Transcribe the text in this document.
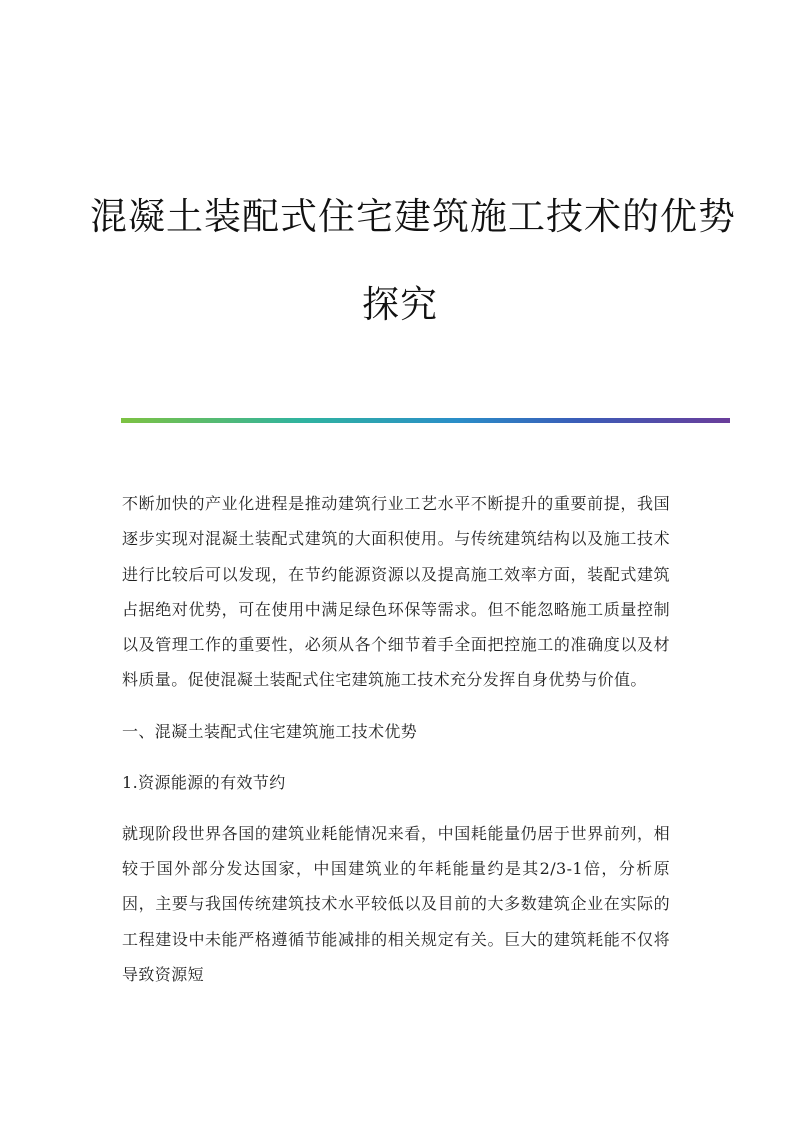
混凝土装配式住宅建筑施工技术的优势
探究

不断加快的产业化进程是推动建筑行业工艺水平不断提升的重要前提，我国逐步实现对混凝土装配式建筑的大面积使用。与传统建筑结构以及施工技术进行比较后可以发现，在节约能源资源以及提高施工效率方面，装配式建筑占据绝对优势，可在使用中满足绿色环保等需求。但不能忽略施工质量控制以及管理工作的重要性，必须从各个细节着手全面把控施工的准确度以及材料质量。促使混凝土装配式住宅建筑施工技术充分发挥自身优势与价值。

一、混凝土装配式住宅建筑施工技术优势
1.资源能源的有效节约

就现阶段世界各国的建筑业耗能情况来看，中国耗能量仍居于世界前列，相较于国外部分发达国家，中国建筑业的年耗能量约是其2/3-1倍，分析原因，主要与我国传统建筑技术水平较低以及目前的大多数建筑企业在实际的工程建设中未能严格遵循节能减排的相关规定有关。巨大的建筑耗能不仅将导致资源短
